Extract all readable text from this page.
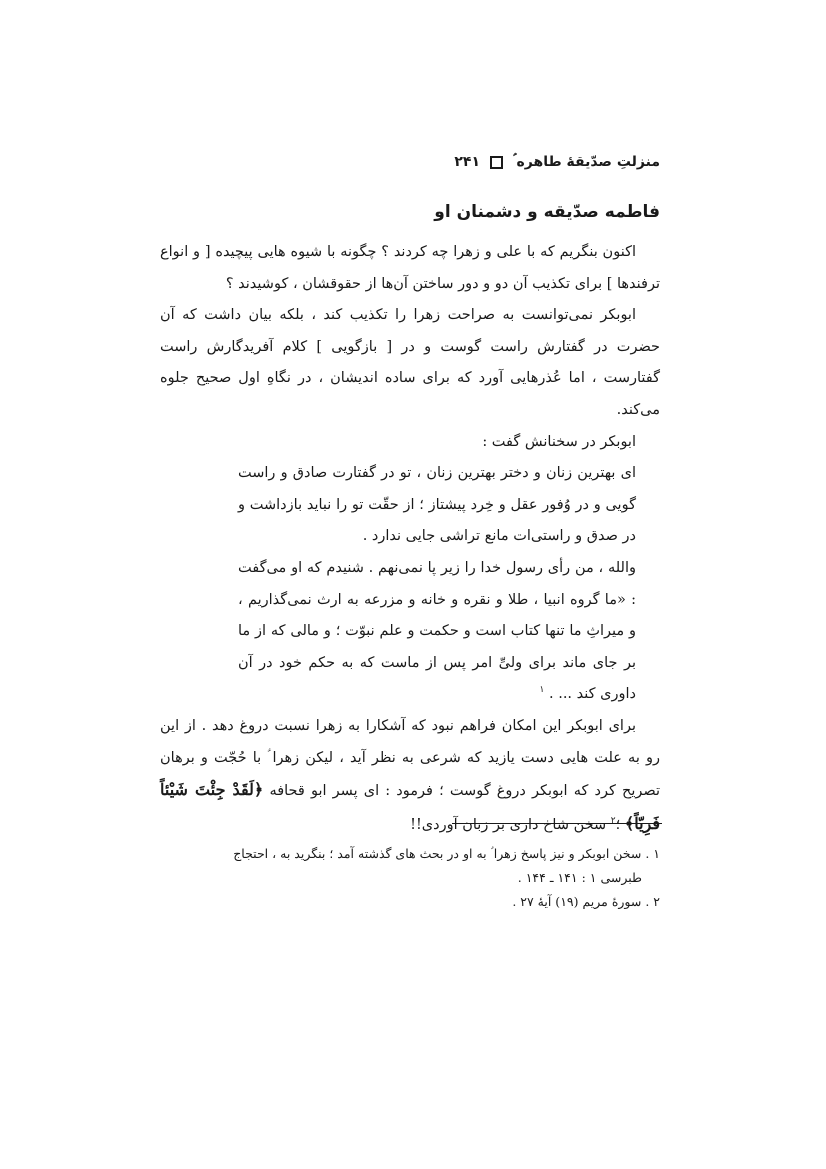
منزلتِ صدّیقهٔ طاهره ؑ
۲۴۱
فاطمه صدّیقه و دشمنان او

اکنون بنگریم که با علی و زهرا چه کردند ؟ چگونه با شیوه هایی پیچیده [ و انواع ترفندها ] برای تکذیب آن دو و دور ساختن آن‌ها از حقوقشان ، کوشیدند ؟

ابوبکر نمی‌توانست به صراحت زهرا را تکذیب کند ، بلکه بیان داشت که آن حضرت در گفتارش راست گوست و در [ بازگویی ] کلام آفریدگارش راست گفتارست ، اما عُذرهایی آورد که برای ساده اندیشان ، در نگاهِ اول صحیح جلوه می‌کند.

ابوبکر در سخنانش گفت :

ای بهترین زنان و دختر بهترین زنان ، تو در گفتارت صادق و راست گویی و در وُفور عقل و خِرد پیشتاز ؛ از حقّت تو را نباید بازداشت و در صدق و راستی‌ات مانع تراشی جایی ندارد .

والله ، من رأی رسول خدا را زیر پا نمی‌نهم . شنیدم که او می‌گفت : «ما گروه انبیا ، طلا و نقره و خانه و مزرعه به ارث نمی‌گذاریم ، و میراثِ ما تنها کتاب است و حکمت و علم نبوّت ؛ و مالی که از ما بر جای ماند برای ولیِّ امر پس از ماست که به حکم خود در آن داوری کند ... . $^۱$

برای ابوبکر این امکان فراهم نبود که آشکارا به زهرا نسبت دروغ دهد . از این رو به علت هایی دست یازید که شرعی به نظر آید ، لیکن زهرا ؑ با حُجّت و برهان تصریح کرد که ابوبکر دروغ گوست ؛ فرمود : ای پسر ابو قحافه ﴿لَقَدْ جِئْتَ شَيْئاً فَرِيّاً﴾ ؛$^۲$ سخن شاخ داری بر زبان آوردی!!

۱ . سخن ابوبکر و نیز پاسخ زهرا ؑ به او در بحث های گذشته آمد ؛ بنگرید به ، احتجاج

طبرسی ۱ : ۱۴۱ ـ ۱۴۴ .

۲ . سورهٔ مریم (۱۹) آیهٔ ۲۷ .
